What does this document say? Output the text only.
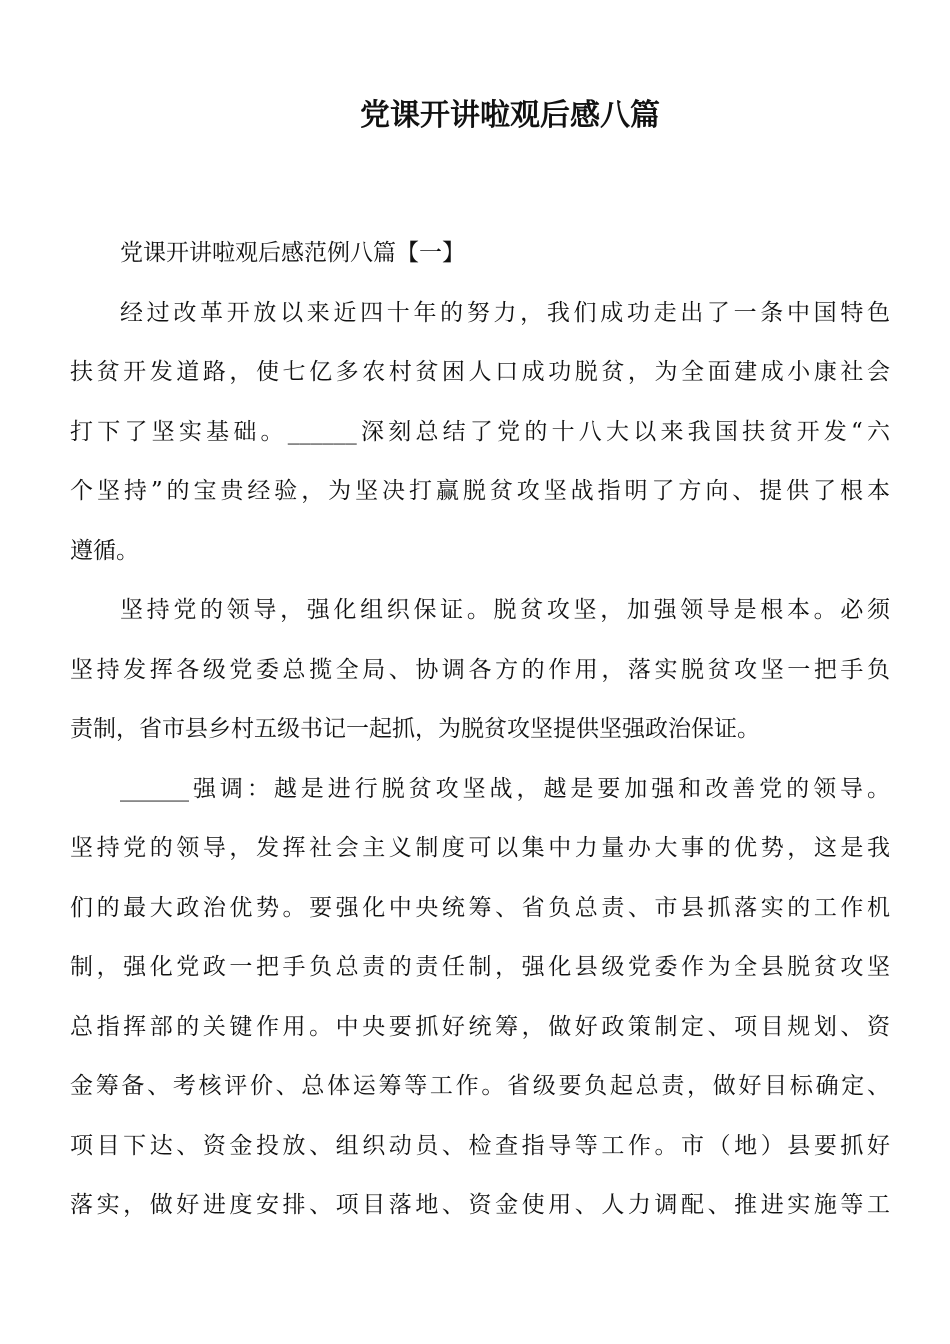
党课开讲啦观后感八篇
党课开讲啦观后感范例八篇【一】
经过改革开放以来近四十年的努力，我们成功走出了一条中国特色
扶贫开发道路，使七亿多农村贫困人口成功脱贫，为全面建成小康社会
打下了坚实基础。______深刻总结了党的十八大以来我国扶贫开发“六
个坚持”的宝贵经验，为坚决打赢脱贫攻坚战指明了方向、提供了根本
遵循。
坚持党的领导，强化组织保证。脱贫攻坚，加强领导是根本。必须
坚持发挥各级党委总揽全局、协调各方的作用，落实脱贫攻坚一把手负
责制，省市县乡村五级书记一起抓，为脱贫攻坚提供坚强政治保证。
______强调：越是进行脱贫攻坚战，越是要加强和改善党的领导。
坚持党的领导，发挥社会主义制度可以集中力量办大事的优势，这是我
们的最大政治优势。要强化中央统筹、省负总责、市县抓落实的工作机
制，强化党政一把手负总责的责任制，强化县级党委作为全县脱贫攻坚
总指挥部的关键作用。中央要抓好统筹，做好政策制定、项目规划、资
金筹备、考核评价、总体运筹等工作。省级要负起总责，做好目标确定、
项目下达、资金投放、组织动员、检查指导等工作。市（地）县要抓好
落实，做好进度安排、项目落地、资金使用、人力调配、推进实施等工
